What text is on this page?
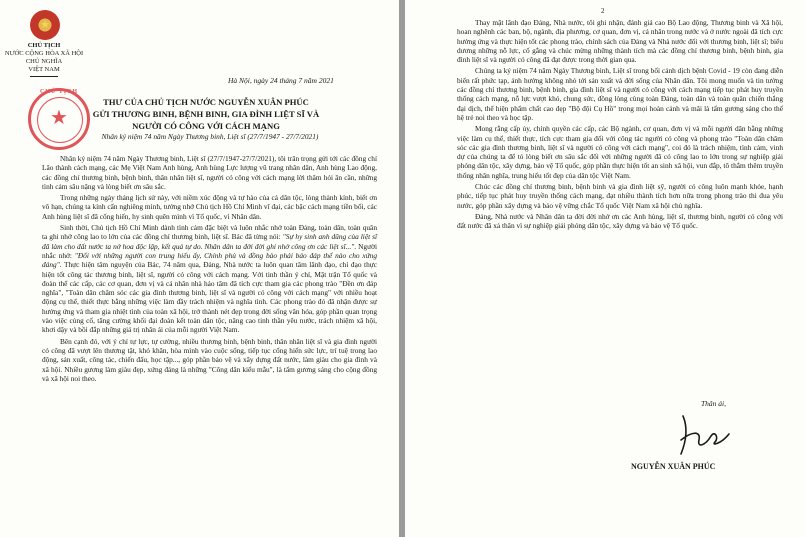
★
CHỦ TỊCH
NƯỚC CỘNG HÒA XÃ HỘI CHỦ NGHĨA
VIỆT NAM
Hà Nội, ngày 24 tháng 7 năm 2021
CHỦ TỊCH
★
THƯ CỦA CHỦ TỊCH NƯỚC NGUYỄN XUÂN PHÚC
GỬI THƯƠNG BINH, BỆNH BINH, GIA ĐÌNH LIỆT SĨ VÀ
NGƯỜI CÓ CÔNG VỚI CÁCH MẠNG
Nhân kỷ niệm 74 năm Ngày Thương binh, Liệt sĩ (27/7/1947 - 27/7/2021)

Nhân kỷ niệm 74 năm Ngày Thương binh, Liệt sĩ (27/7/1947-27/7/2021), tôi trân trọng gửi tới các đồng chí Lão thành cách mạng, các Mẹ Việt Nam Anh hùng, Anh hùng Lực lượng vũ trang nhân dân, Anh hùng Lao động, các đồng chí thương binh, bệnh binh, thân nhân liệt sĩ, người có công với cách mạng lời thăm hỏi ân cần, những tình cảm sâu nặng và lòng biết ơn sâu sắc.

Trong những ngày tháng lịch sử này, với niềm xúc động và tự hào của cả dân tộc, lòng thành kính, biết ơn vô hạn, chúng ta kính cẩn nghiêng mình, tưởng nhớ Chủ tịch Hồ Chí Minh vĩ đại, các bậc cách mạng tiền bối, các Anh hùng liệt sĩ đã cống hiến, hy sinh quên mình vì Tổ quốc, vì Nhân dân.

Sinh thời, Chủ tịch Hồ Chí Minh dành tình cảm đặc biệt và luôn nhắc nhở toàn Đảng, toàn dân, toàn quân ta ghi nhớ công lao to lớn của các đồng chí thương binh, liệt sĩ. Bác đã từng nói: "Sự hy sinh anh dũng của liệt sĩ đã làm cho đất nước ta nở hoa độc lập, kết quả tự do. Nhân dân ta đời đời ghi nhớ công ơn các liệt sĩ...". Người nhắc nhở: "Đối với những người con trung hiếu ấy, Chính phủ và đồng bào phải báo đáp thế nào cho xứng đáng". Thực hiện tâm nguyện của Bác, 74 năm qua, Đảng, Nhà nước ta luôn quan tâm lãnh đạo, chỉ đạo thực hiện tốt công tác thương binh, liệt sĩ, người có công với cách mạng. Với tinh thần ý chí, Mặt trận Tổ quốc và đoàn thể các cấp, các cơ quan, đơn vị và cá nhân nhà hảo tâm đã tích cực tham gia các phong trào "Đền ơn đáp nghĩa", "Toàn dân chăm sóc các gia đình thương binh, liệt sĩ và người có công với cách mạng" với nhiều hoạt động cụ thể, thiết thực bằng những việc làm đầy trách nhiệm và nghĩa tình. Các phong trào đó đã nhận được sự hưởng ứng và tham gia nhiệt tình của toàn xã hội, trở thành nét đẹp trong đời sống văn hóa, góp phần quan trọng vào việc củng cố, tăng cường khối đại đoàn kết toàn dân tộc, nâng cao tinh thần yêu nước, trách nhiệm xã hội, khơi dậy và bồi đắp những giá trị nhân ái của mỗi người Việt Nam.

Bên cạnh đó, với ý chí tự lực, tự cường, nhiều thương binh, bệnh binh, thân nhân liệt sĩ và gia đình người có công đã vượt lên thương tật, khó khăn, hòa mình vào cuộc sống, tiếp tục cống hiến sức lực, trí tuệ trong lao động, sản xuất, công tác, chiến đấu, học tập..., góp phần bảo vệ và xây dựng đất nước, làm giàu cho gia đình và xã hội. Nhiều gương làm giàu đẹp, xứng đáng là những "Công dân kiểu mẫu", là tấm gương sáng cho cộng đồng và xã hội noi theo.

2

Thay mặt lãnh đạo Đảng, Nhà nước, tôi ghi nhận, đánh giá cao Bộ Lao động, Thương binh và Xã hội, hoan nghênh các ban, bộ, ngành, địa phương, cơ quan, đơn vị, cá nhân trong nước và ở nước ngoài đã tích cực hưởng ứng và thực hiện tốt các phong trào, chính sách của Đảng và Nhà nước đối với thương binh, liệt sĩ; biểu dương những nỗ lực, cố gắng và chúc mừng những thành tích mà các đồng chí thương binh, bệnh binh, gia đình liệt sĩ và người có công đã đạt được trong thời gian qua.

Chúng ta kỷ niệm 74 năm Ngày Thương binh, Liệt sĩ trong bối cảnh dịch bệnh Covid - 19 còn đang diễn biến rất phức tạp, ảnh hưởng không nhỏ tới sản xuất và đời sống của Nhân dân. Tôi mong muốn và tin tưởng các đồng chí thương binh, bệnh binh, gia đình liệt sĩ và người có công với cách mạng tiếp tục phát huy truyền thống cách mạng, nỗ lực vượt khó, chung sức, đồng lòng cùng toàn Đảng, toàn dân và toàn quân chiến thắng đại dịch, thể hiện phẩm chất cao đẹp "Bộ đội Cụ Hồ" trong mọi hoàn cảnh và mãi là tấm gương sáng cho thế hệ trẻ noi theo và học tập.

Mong rằng cấp ủy, chính quyền các cấp, các Bộ ngành, cơ quan, đơn vị và mỗi người dân bằng những việc làm cụ thể, thiết thực, tích cực tham gia đối với công tác người có công và phong trào "Toàn dân chăm sóc các gia đình thương binh, liệt sĩ và người có công với cách mạng", coi đó là trách nhiệm, tình cảm, vinh dự của chúng ta để tỏ lòng biết ơn sâu sắc đối với những người đã có công lao to lớn trong sự nghiệp giải phóng dân tộc, xây dựng, bảo vệ Tổ quốc, góp phần thực hiện tốt an sinh xã hội, vun đắp, tô thắm thêm truyền thống nhân nghĩa, trung hiếu tốt đẹp của dân tộc Việt Nam.

Chúc các đồng chí thương binh, bệnh binh và gia đình liệt sỹ, người có công luôn mạnh khỏe, hạnh phúc, tiếp tục phát huy truyền thống cách mạng, đạt nhiều thành tích hơn nữa trong phong trào thi đua yêu nước, góp phần xây dựng và bảo vệ vững chắc Tổ quốc Việt Nam xã hội chủ nghĩa.

Đảng, Nhà nước và Nhân dân ta đời đời nhớ ơn các Anh hùng, liệt sĩ, thương binh, người có công với đất nước đã xả thân vì sự nghiệp giải phóng dân tộc, xây dựng và bảo vệ Tổ quốc.

Thân ái,
NGUYỄN XUÂN PHÚC
